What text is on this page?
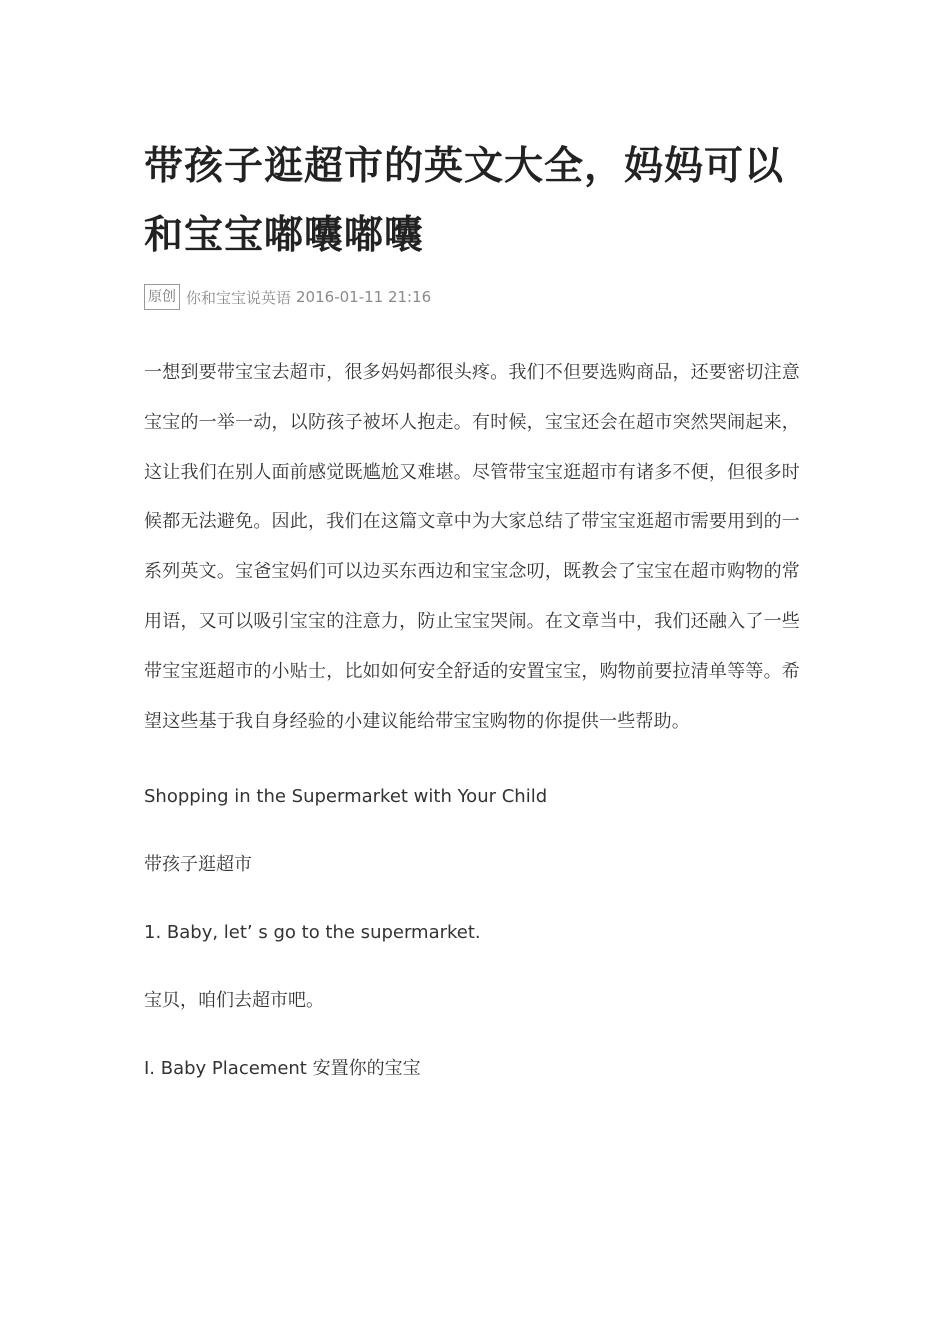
带孩子逛超市的英文大全，妈妈可以和宝宝嘟囔嘟囔
原创 你和宝宝说英语 2016-01-11 21:16

一想到要带宝宝去超市，很多妈妈都很头疼。我们不但要选购商品，还要密切注意宝宝的一举一动，以防孩子被坏人抱走。有时候，宝宝还会在超市突然哭闹起来，这让我们在别人面前感觉既尴尬又难堪。尽管带宝宝逛超市有诸多不便，但很多时候都无法避免。因此，我们在这篇文章中为大家总结了带宝宝逛超市需要用到的一系列英文。宝爸宝妈们可以边买东西边和宝宝念叨，既教会了宝宝在超市购物的常用语，又可以吸引宝宝的注意力，防止宝宝哭闹。在文章当中，我们还融入了一些带宝宝逛超市的小贴士，比如如何安全舒适的安置宝宝，购物前要拉清单等等。希望这些基于我自身经验的小建议能给带宝宝购物的你提供一些帮助。

Shopping in the Supermarket with Your Child

带孩子逛超市

1. Baby, let’ s go to the supermarket.

宝贝，咱们去超市吧。

I. Baby Placement 安置你的宝宝
